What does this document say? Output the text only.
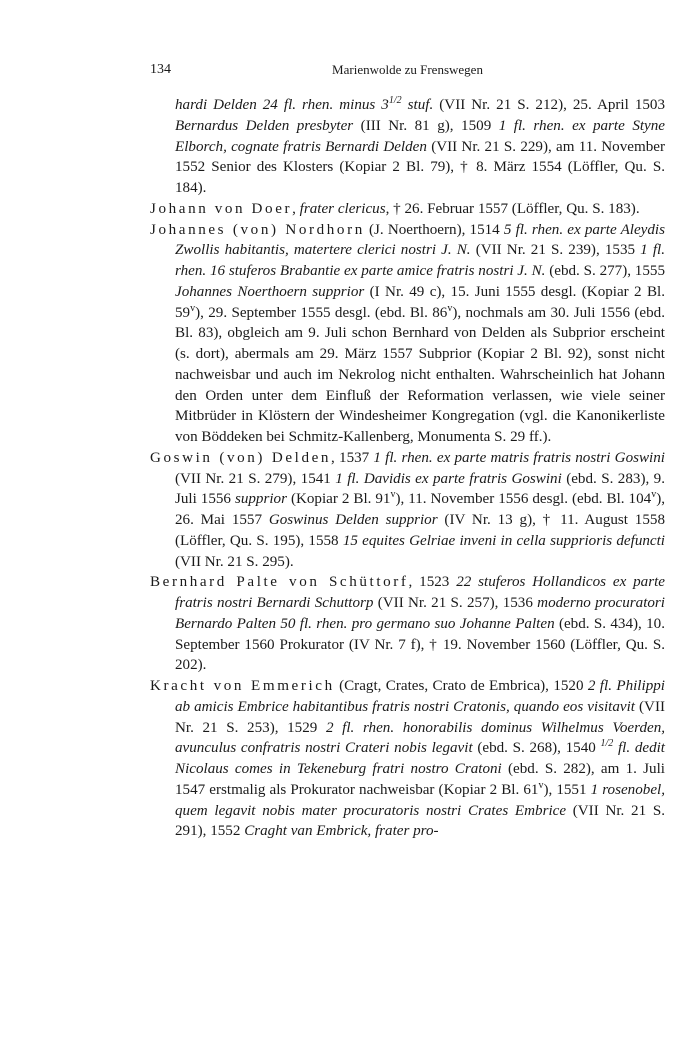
134	Marienwolde zu Frenswegen

hardi Delden 24 fl. rhen. minus $3^{1/2}$ stuf. (VII Nr. 21 S. 212), 25. April 1503 Bernardus Delden presbyter (III Nr. 81 g), 1509 1 fl. rhen. ex parte Styne Elborch, cognate fratris Bernardi Delden (VII Nr. 21 S. 229), am 11. November 1552 Senior des Klosters (Kopiar 2 Bl. 79), † 8. März 1554 (Löffler, Qu. S. 184).

Johann von Doer, frater clericus, † 26. Februar 1557 (Löffler, Qu. S. 183).

Johannes (von) Nordhorn (J. Noerthoern), 1514 5 fl. rhen. ex parte Aleydis Zwollis habitantis, matertere clerici nostri J. N. (VII Nr. 21 S. 239), 1535 1 fl. rhen. 16 stuferos Brabantie ex parte amice fratris nostri J. N. (ebd. S. 277), 1555 Johannes Noerthoern supprior (I Nr. 49 c), 15. Juni 1555 desgl. (Kopiar 2 Bl. 59$^v$), 29. September 1555 desgl. (ebd. Bl. 86$^v$), nochmals am 30. Juli 1556 (ebd. Bl. 83), obgleich am 9. Juli schon Bernhard von Delden als Subprior erscheint (s. dort), abermals am 29. März 1557 Subprior (Kopiar 2 Bl. 92), sonst nicht nachweisbar und auch im Nekrolog nicht enthalten. Wahrscheinlich hat Johann den Orden unter dem Einfluß der Reformation verlassen, wie viele seiner Mitbrüder in Klöstern der Windesheimer Kongregation (vgl. die Kanonikerliste von Böddeken bei Schmitz-Kallenberg, Monumenta S. 29 ff.).

Goswin (von) Delden, 1537 1 fl. rhen. ex parte matris fratris nostri Goswini (VII Nr. 21 S. 279), 1541 1 fl. Davidis ex parte fratris Goswini (ebd. S. 283), 9. Juli 1556 supprior (Kopiar 2 Bl. 91$^v$), 11. November 1556 desgl. (ebd. Bl. 104$^v$), 26. Mai 1557 Goswinus Delden supprior (IV Nr. 13 g), † 11. August 1558 (Löffler, Qu. S. 195), 1558 15 equites Gelriae inveni in cella supprioris defuncti (VII Nr. 21 S. 295).

Bernhard Palte von Schüttorf, 1523 22 stuferos Hollandicos ex parte fratris nostri Bernardi Schuttorp (VII Nr. 21 S. 257), 1536 moderno procuratori Bernardo Palten 50 fl. rhen. pro germano suo Johanne Palten (ebd. S. 434), 10. September 1560 Prokurator (IV Nr. 7 f), † 19. November 1560 (Löffler, Qu. S. 202).

Kracht von Emmerich (Cragt, Crates, Crato de Embrica), 1520 2 fl. Philippi ab amicis Embrice habitantibus fratris nostri Cratonis, quando eos visitavit (VII Nr. 21 S. 253), 1529 2 fl. rhen. honorabilis dominus Wilhelmus Voerden, avunculus confratris nostri Crateri nobis legavit (ebd. S. 268), 1540 $^{1/2}$ fl. dedit Nicolaus comes in Tekeneburg fratri nostro Cratoni (ebd. S. 282), am 1. Juli 1547 erstmalig als Prokurator nachweisbar (Kopiar 2 Bl. 61$^v$), 1551 1 rosenobel, quem legavit nobis mater procuratoris nostri Crates Embrice (VII Nr. 21 S. 291), 1552 Craght van Embrick, frater pro-
